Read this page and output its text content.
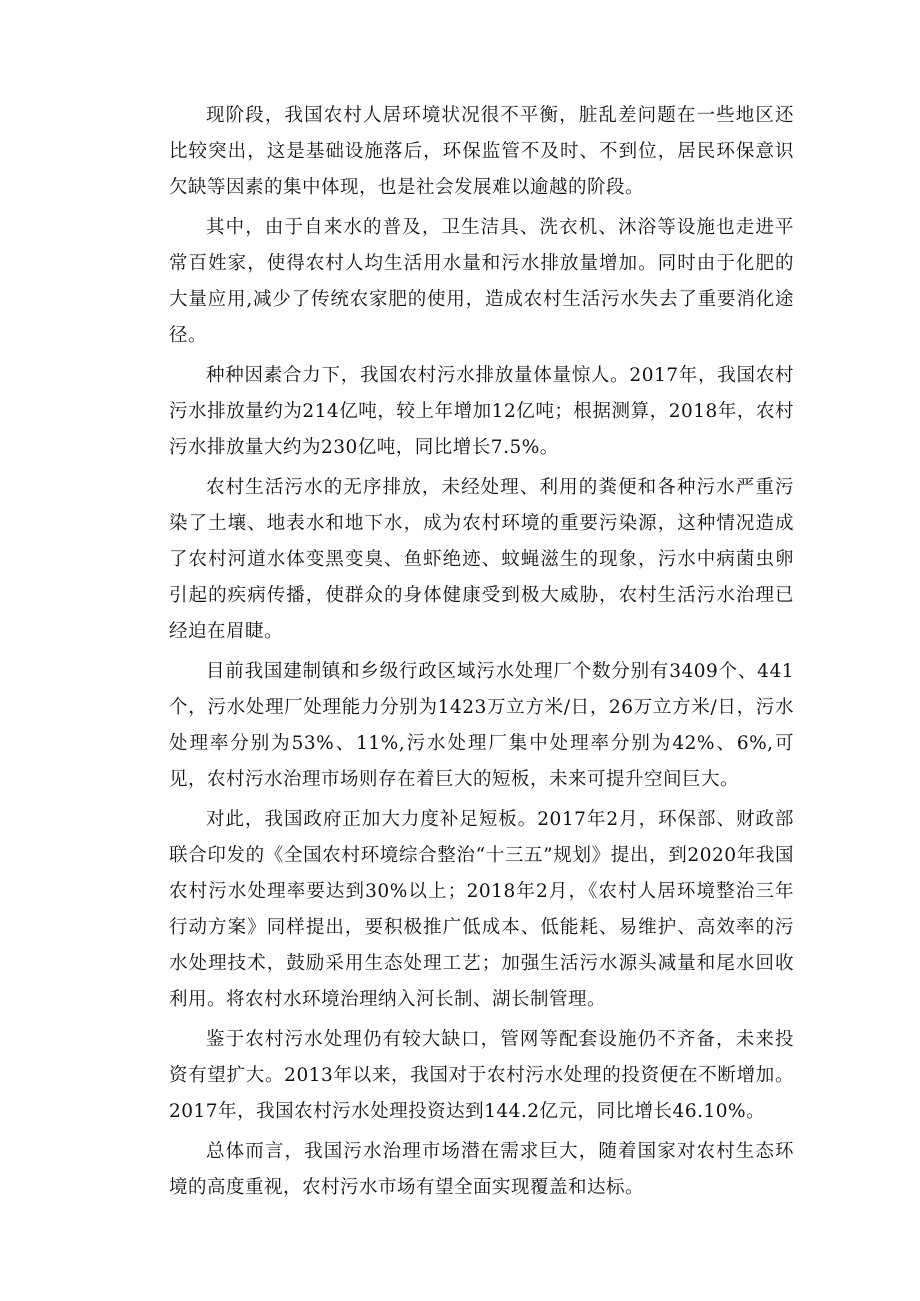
现阶段，我国农村人居环境状况很不平衡，脏乱差问题在一些地区还比较突出，这是基础设施落后，环保监管不及时、不到位，居民环保意识欠缺等因素的集中体现，也是社会发展难以逾越的阶段。

其中，由于自来水的普及，卫生洁具、洗衣机、沐浴等设施也走进平常百姓家，使得农村人均生活用水量和污水排放量增加。同时由于化肥的大量应用,减少了传统农家肥的使用，造成农村生活污水失去了重要消化途径。

种种因素合力下，我国农村污水排放量体量惊人。2017年，我国农村污水排放量约为214亿吨，较上年增加12亿吨；根据测算，2018年，农村污水排放量大约为230亿吨，同比增长7.5%。

农村生活污水的无序排放，未经处理、利用的粪便和各种污水严重污染了土壤、地表水和地下水，成为农村环境的重要污染源，这种情况造成了农村河道水体变黑变臭、鱼虾绝迹、蚊蝇滋生的现象，污水中病菌虫卵引起的疾病传播，使群众的身体健康受到极大威胁，农村生活污水治理已经迫在眉睫。

目前我国建制镇和乡级行政区域污水处理厂个数分别有3409个、441个，污水处理厂处理能力分别为1423万立方米/日，26万立方米/日，污水处理率分别为53%、11%,污水处理厂集中处理率分别为42%、6%,可见，农村污水治理市场则存在着巨大的短板，未来可提升空间巨大。

对此，我国政府正加大力度补足短板。2017年2月，环保部、财政部联合印发的《全国农村环境综合整治“十三五”规划》提出，到2020年我国农村污水处理率要达到30%以上；2018年2月，《农村人居环境整治三年行动方案》同样提出，要积极推广低成本、低能耗、易维护、高效率的污水处理技术，鼓励采用生态处理工艺；加强生活污水源头减量和尾水回收利用。将农村水环境治理纳入河长制、湖长制管理。

鉴于农村污水处理仍有较大缺口，管网等配套设施仍不齐备，未来投资有望扩大。2013年以来，我国对于农村污水处理的投资便在不断增加。2017年，我国农村污水处理投资达到144.2亿元，同比增长46.10%。

总体而言，我国污水治理市场潜在需求巨大，随着国家对农村生态环境的高度重视，农村污水市场有望全面实现覆盖和达标。
